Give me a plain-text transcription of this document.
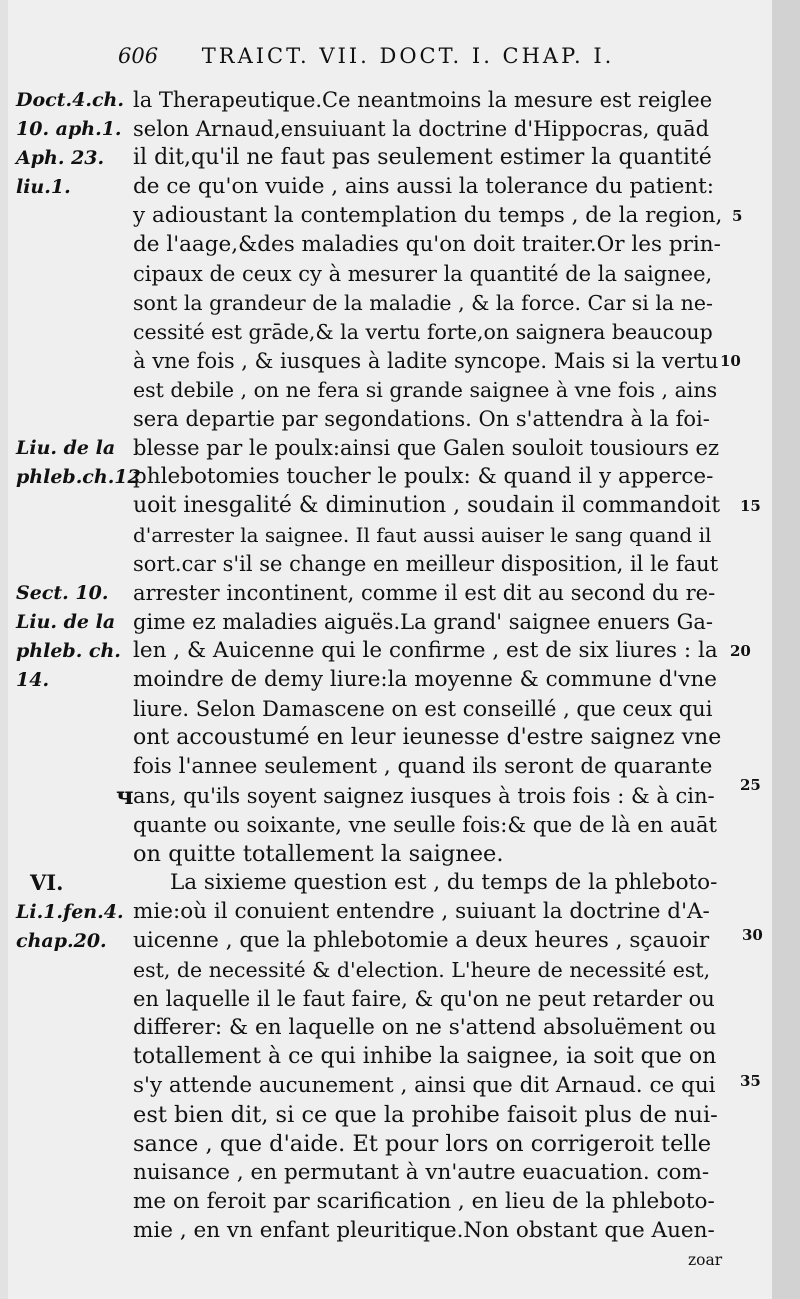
606 TRAICT. VII. DOCT. I. CHAP. I.
la Therapeutique.Ce neantmoins la mesure est reiglee
selon Arnaud,ensuiuant la doctrine d'Hippocras, quād
il dit,qu'il ne faut pas seulement estimer la quantité
de ce qu'on vuide , ains aussi la tolerance du patient:
y adioustant la contemplation du temps , de la region,
de l'aage,&des maladies qu'on doit traiter.Or les prin-
cipaux de ceux cy à mesurer la quantité de la saignee,
sont la grandeur de la maladie , & la force. Car si la ne-
cessité est grāde,& la vertu forte,on saignera beaucoup
à vne fois , & iusques à ladite syncope. Mais si la vertu
est debile , on ne fera si grande saignee à vne fois , ains
sera departie par segondations. On s'attendra à la foi-
blesse par le poulx:ainsi que Galen souloit tousiours ez
phlebotomies toucher le poulx: & quand il y apperce-
uoit inesgalité & diminution , soudain il commandoit
d'arrester la saignee. Il faut aussi auiser le sang quand il
sort.car s'il se change en meilleur disposition, il le faut
arrester incontinent, comme il est dit au second du re-
gime ez maladies aiguës.La grand' saignee enuers Ga-
len , & Auicenne qui le confirme , est de six liures : la
moindre de demy liure:la moyenne & commune d'vne
liure. Selon Damascene on est conseillé , que ceux qui
ont accoustumé en leur ieunesse d'estre saignez vne
fois l'annee seulement , quand ils seront de quarante
ans, qu'ils soyent saignez iusques à trois fois : & à cin-
quante ou soixante, vne seulle fois:& que de là en auāt
on quitte totallement la saignee.
La sixieme question est , du temps de la phleboto-
mie:où il conuient entendre , suiuant la doctrine d'A-
uicenne , que la phlebotomie a deux heures , sçauoir
est, de necessité & d'election. L'heure de necessité est,
en laquelle il le faut faire, & qu'on ne peut retarder ou
differer: & en laquelle on ne s'attend absoluëment ou
totallement à ce qui inhibe la saignee, ia soit que on
s'y attende aucunement , ainsi que dit Arnaud. ce qui
est bien dit, si ce que la prohibe faisoit plus de nui-
sance , que d'aide. Et pour lors on corrigeroit telle
nuisance , en permutant à vn'autre euacuation. com-
me on feroit par scarification , en lieu de la phleboto-
mie , en vn enfant pleuritique.Non obstant que Auen-
zoar
ч
Doct.4.ch.
10. aph.1.
Aph. 23.
liu.1.
Liu. de la
phleb.ch.12
Sect. 10.
Liu. de la
phleb. ch.
14.
VI.
Li.1.fen.4.
chap.20.
5
10
15
20
25
30
35
